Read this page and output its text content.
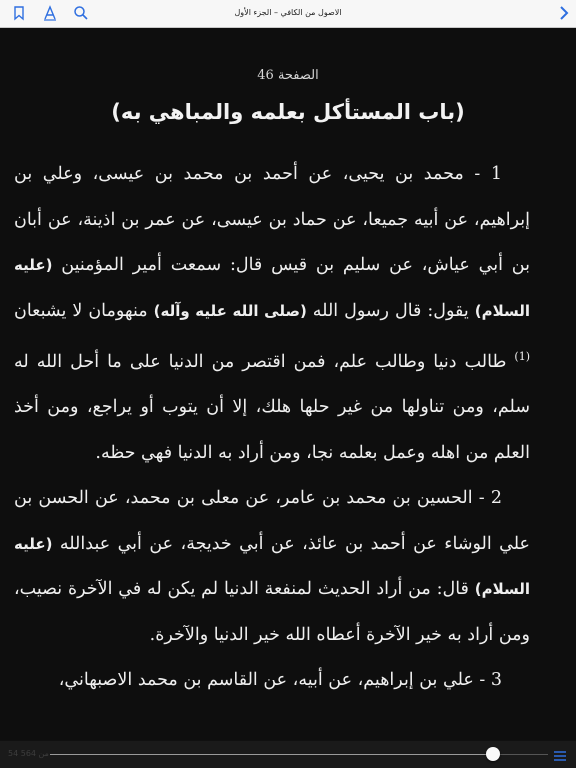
الاصول من الكافي – الجزء الأول
الصفحة 46
(باب المستأكل بعلمه والمباهي به)

1 - محمد بن يحيى، عن أحمد بن محمد بن عيسى، وعلي بن إبراهيم، عن أبيه جميعا، عن حماد بن عيسى، عن عمر بن اذينة، عن أبان بن أبي عياش، عن سليم بن قيس قال: سمعت أمير المؤمنين (عليه السلام) يقول: قال رسول الله (صلى الله عليه وآله) منهومان لا يشبعان $^{(1)}$ طالب دنيا وطالب علم، فمن اقتصر من الدنيا على ما أحل الله له سلم، ومن تناولها من غير حلها هلك، إلا أن يتوب أو يراجع، ومن أخذ العلم من اهله وعمل بعلمه نجا، ومن أراد به الدنيا فهي حظه.

2 - الحسين بن محمد بن عامر، عن معلى بن محمد، عن الحسن بن علي الوشاء عن أحمد بن عائذ، عن أبي خديجة، عن أبي عبدالله (عليه السلام) قال: من أراد الحديث لمنفعة الدنيا لم يكن له في الآخرة نصيب، ومن أراد به خير الآخرة أعطاه الله خير الدنيا والآخرة.

3 - علي بن إبراهيم، عن أبيه، عن القاسم بن محمد الاصبهاني،

54 من 564
